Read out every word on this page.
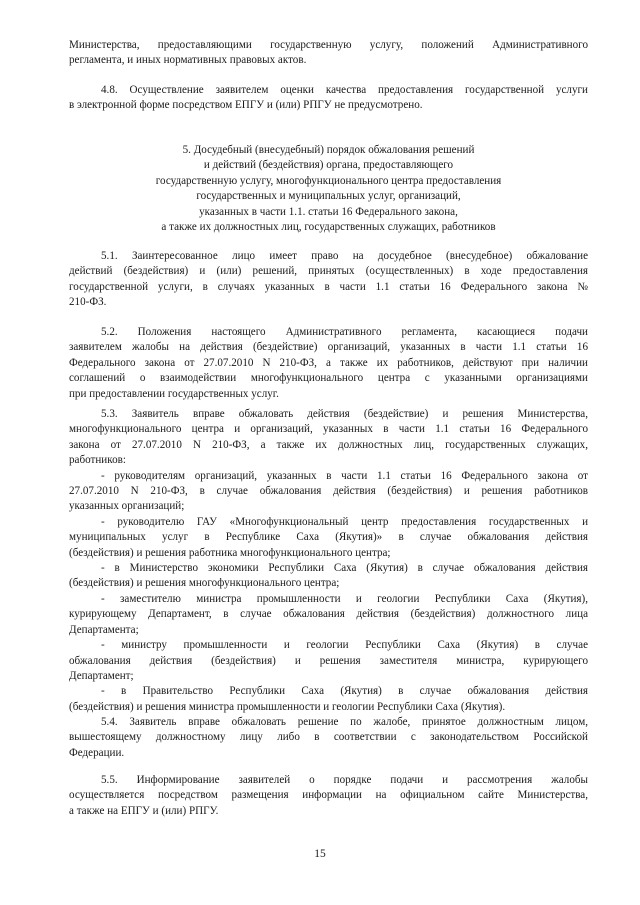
Министерства, предоставляющими государственную услугу, положений Административного
регламента, и иных нормативных правовых актов.
4.8. Осуществление заявителем оценки качества предоставления государственной услуги
в электронной форме посредством ЕПГУ и (или) РПГУ не предусмотрено.
5. Досудебный (внесудебный) порядок обжалования решений
и действий (бездействия) органа, предоставляющего
государственную услугу, многофункционального центра предоставления
государственных и муниципальных услуг, организаций,
указанных в части 1.1. статьи 16 Федерального закона,
а также их должностных лиц, государственных служащих, работников
5.1. Заинтересованное лицо имеет право на досудебное (внесудебное) обжалование
действий (бездействия) и (или) решений, принятых (осуществленных) в ходе предоставления
государственной услуги, в случаях указанных в части 1.1 статьи 16 Федерального закона №
210-ФЗ.
5.2. Положения настоящего Административного регламента, касающиеся подачи
заявителем жалобы на действия (бездействие) организаций, указанных в части 1.1 статьи 16
Федерального закона от 27.07.2010 N 210-ФЗ, а также их работников, действуют при наличии
соглашений о взаимодействии многофункционального центра с указанными организациями
при предоставлении государственных услуг.
5.3. Заявитель вправе обжаловать действия (бездействие) и решения Министерства,
многофункционального центра и организаций, указанных в части 1.1 статьи 16 Федерального
закона от 27.07.2010 N 210-ФЗ, а также их должностных лиц, государственных служащих,
работников:
- руководителям организаций, указанных в части 1.1 статьи 16 Федерального закона от
27.07.2010 N 210-ФЗ, в случае обжалования действия (бездействия) и решения работников
указанных организаций;
- руководителю ГАУ «Многофункциональный центр предоставления государственных и
муниципальных услуг в Республике Саха (Якутия)» в случае обжалования действия
(бездействия) и решения работника многофункционального центра;
- в Министерство экономики Республики Саха (Якутия) в случае обжалования действия
(бездействия) и решения многофункционального центра;
- заместителю министра промышленности и геологии Республики Саха (Якутия),
курирующему Департамент, в случае обжалования действия (бездействия) должностного лица
Департамента;
- министру промышленности и геологии Республики Саха (Якутия) в случае
обжалования действия (бездействия) и решения заместителя министра, курирующего
Департамент;
- в Правительство Республики Саха (Якутия) в случае обжалования действия
(бездействия) и решения министра промышленности и геологии Республики Саха (Якутия).
5.4. Заявитель вправе обжаловать решение по жалобе, принятое должностным лицом,
вышестоящему должностному лицу либо в соответствии с законодательством Российской
Федерации.
5.5. Информирование заявителей о порядке подачи и рассмотрения жалобы
осуществляется посредством размещения информации на официальном сайте Министерства,
а также на ЕПГУ и (или) РПГУ.
15
